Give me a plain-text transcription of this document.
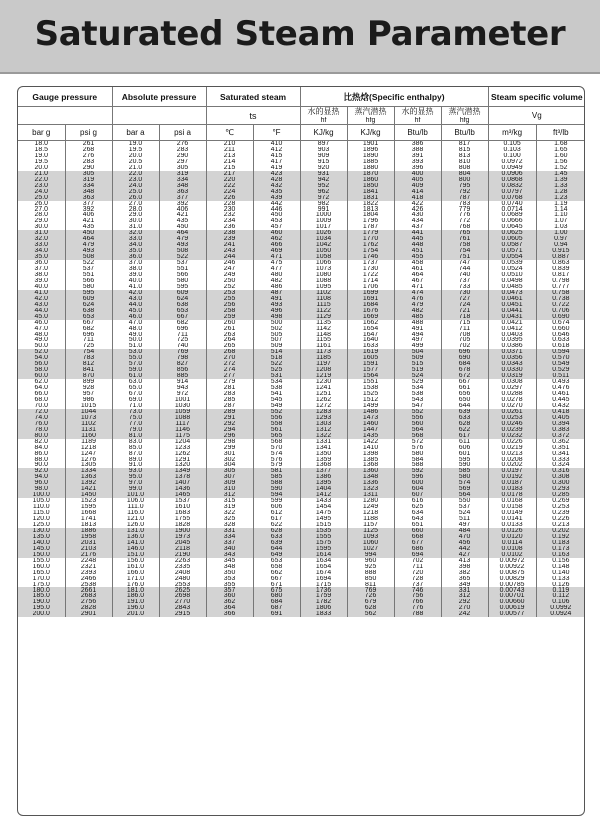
Saturated Steam Parameter
Gauge pressure		Absolute pressure		Saturated steam		比热焓(Specific enthalpy)				Steam specific volume	
				ts		水的显热	蒸汽潜热	水的显热	蒸汽潜热	Vg	
						hf	hfg	hf	hfg		
bar g	psi g	bar a	psi a	℃	°F	KJ/kg	KJ/kg	Btu/lb	Btu/lb	m³/kg	ft³/lb
18.0	261	19.0	276	210	410	897	1901	386	817	0.105	1.68
18.5	268	19.5	283	211	412	903	1896	388	815	0.103	1.65
19.0	276	20.0	290	213	415	909	1890	391	813	0.100	1.60
19.5	283	20.5	297	214	417	915	1885	393	810	0.0972	1.56
20.0	290	21.0	305	215	419	920	1880	396	808	0.0949	1.52
21.0	305	22.0	319	217	423	931	1870	400	804	0.0906	1.45
22.0	319	23.0	334	220	428	942	1860	405	800	0.0868	1.39
23.0	334	24.0	348	222	432	952	1850	409	795	0.0832	1.33
24.0	348	25.0	363	224	435	962	1841	414	792	0.0797	1.28
25.0	363	26.0	377	226	439	972	1831	418	787	0.0768	1.23
26.0	377	27.0	392	228	442	982	1822	422	783	0.0740	1.19
27.0	392	28.0	406	230	446	991	1813	426	779	0.0714	1.14
28.0	406	29.0	421	232	450	1000	1804	430	776	0.0689	1.10
29.0	421	30.0	435	234	453	1009	1796	434	772	0.0666	1.07
30.0	435	31.0	450	236	457	1017	1787	437	768	0.0645	1.03
31.0	450	32.0	464	238	460	1026	1779	441	765	0.0625	1.00
32.0	464	33.0	479	239	462	1034	1770	445	761	0.0605	0.97
33.0	479	34.0	493	241	466	1042	1762	448	758	0.0587	0.94
34.0	493	35.0	508	243	469	1050	1754	451	754	0.0571	0.915
35.0	508	36.0	522	244	471	1058	1746	455	751	0.0554	0.887
36.0	522	37.0	537	246	475	1066	1737	458	747	0.0539	0.863
37.0	537	38.0	551	247	477	1073	1730	461	744	0.0524	0.839
38.0	551	39.0	566	249	480	1080	1722	464	740	0.0510	0.817
39.0	566	40.0	580	250	482	1088	1714	467	737	0.0498	0.798
40.0	580	41.0	595	252	486	1095	1706	471	733	0.0485	0.777
41.0	595	42.0	609	253	487	1102	1699	474	730	0.0473	0.758
42.0	609	43.0	624	255	491	1108	1691	476	727	0.0461	0.738
43.0	624	44.0	638	256	493	1115	1684	479	724	0.0451	0.722
44.0	638	45.0	653	258	496	1122	1676	482	721	0.0441	0.706
45.0	653	46.0	667	259	498	1129	1669	485	718	0.0431	0.690
46.0	667	47.0	682	260	500	1135	1662	488	715	0.0421	0.674
47.0	682	48.0	696	261	502	1142	1654	491	711	0.0412	0.660
48.0	696	49.0	711	263	505	1148	1647	494	708	0.0403	0.646
49.0	711	50.0	725	264	507	1155	1640	497	705	0.0395	0.633
50.0	725	51.0	740	265	509	1161	1633	499	702	0.0386	0.618
52.0	754	53.0	769	268	514	1173	1619	504	696	0.0371	0.594
54.0	783	55.0	798	270	518	1185	1605	509	690	0.0356	0.570
56.0	812	57.0	827	272	522	1197	1591	515	684	0.0343	0.549
58.0	841	59.0	856	274	525	1208	1577	519	678	0.0330	0.529
60.0	870	61.0	885	277	531	1219	1564	524	672	0.0319	0.511
62.0	899	63.0	914	279	534	1230	1551	529	667	0.0308	0.493
64.0	928	65.0	943	281	538	1241	1538	534	661	0.0297	0.476
66.0	957	67.0	972	283	541	1251	1525	538	656	0.0288	0.461
68.0	986	69.0	1001	285	545	1262	1512	543	650	0.0278	0.445
70.0	1015	71.0	1030	287	549	1272	1499	547	644	0.0270	0.432
72.0	1044	73.0	1059	289	552	1283	1486	552	639	0.0261	0.418
74.0	1073	75.0	1088	291	556	1293	1473	556	633	0.0253	0.405
76.0	1102	77.0	1117	292	558	1303	1460	560	628	0.0246	0.394
78.0	1131	79.0	1146	294	561	1312	1447	564	622	0.0239	0.383
80.0	1160	81.0	1175	296	565	1322	1435	568	617	0.0232	0.372
82.0	1189	83.0	1204	298	568	1331	1422	572	611	0.0226	0.362
84.0	1218	85.0	1233	299	570	1341	1410	576	606	0.0219	0.351
86.0	1247	87.0	1262	301	574	1350	1398	580	601	0.0213	0.341
88.0	1276	89.0	1291	302	576	1359	1385	584	595	0.0208	0.333
90.0	1305	91.0	1320	304	579	1368	1368	588	590	0.0202	0.324
92.0	1334	93.0	1349	305	581	1377	1360	592	585	0.0197	0.316
94.0	1363	95.0	1378	307	585	1386	1348	596	580	0.0192	0.308
96.0	1392	97.0	1407	309	588	1395	1336	600	574	0.0187	0.300
98.0	1421	99.0	1436	310	590	1404	1323	604	569	0.0183	0.293
100.0	1450	101.0	1465	312	594	1412	1311	607	564	0.0178	0.285
105.0	1523	106.0	1537	315	599	1433	1280	616	550	0.0168	0.269
110.0	1595	111.0	1610	319	606	1454	1249	625	537	0.0158	0.253
115.0	1668	116.0	1683	322	612	1475	1218	634	524	0.0149	0.239
120.0	1741	121.0	1755	325	617	1495	1188	643	511	0.0141	0.226
125.0	1813	126.0	1828	328	622	1515	1157	651	497	0.0133	0.213
130.0	1886	131.0	1900	331	628	1535	1125	660	484	0.0126	0.202
135.0	1958	136.0	1973	334	633	1555	1093	668	470	0.0120	0.192
140.0	2031	141.0	2045	337	639	1575	1060	677	456	0.0114	0.183
145.0	2103	146.0	2118	340	644	1595	1027	686	442	0.0108	0.173
150.0	2176	151.0	2190	343	649	1614	994	694	427	0.0102	0.163
155.0	2248	156.0	2263	345	653	1634	960	702	413	0.00972	0.156
160.0	2321	161.0	2335	348	658	1654	925	711	398	0.00922	0.148
165.0	2393	166.0	2408	350	662	1674	888	720	382	0.00875	0.140
170.0	2466	171.0	2480	353	667	1694	850	728	365	0.00829	0.133
175.0	2538	176.0	2553	355	671	1715	811	737	349	0.00785	0.126
180.0	2661	181.0	2625	357	675	1736	769	746	331	0.00743	0.119
185.0	2683	186.0	2698	360	680	1759	726	756	312	0.00701	0.112
190.0	2756	191.0	2770	362	684	1782	679	766	292	0.00660	0.106
195.0	2828	196.0	2843	364	687	1806	628	776	270	0.00619	0.0992
200.0	2901	201.0	2915	366	691	1833	562	788	242	0.00577	0.0924
